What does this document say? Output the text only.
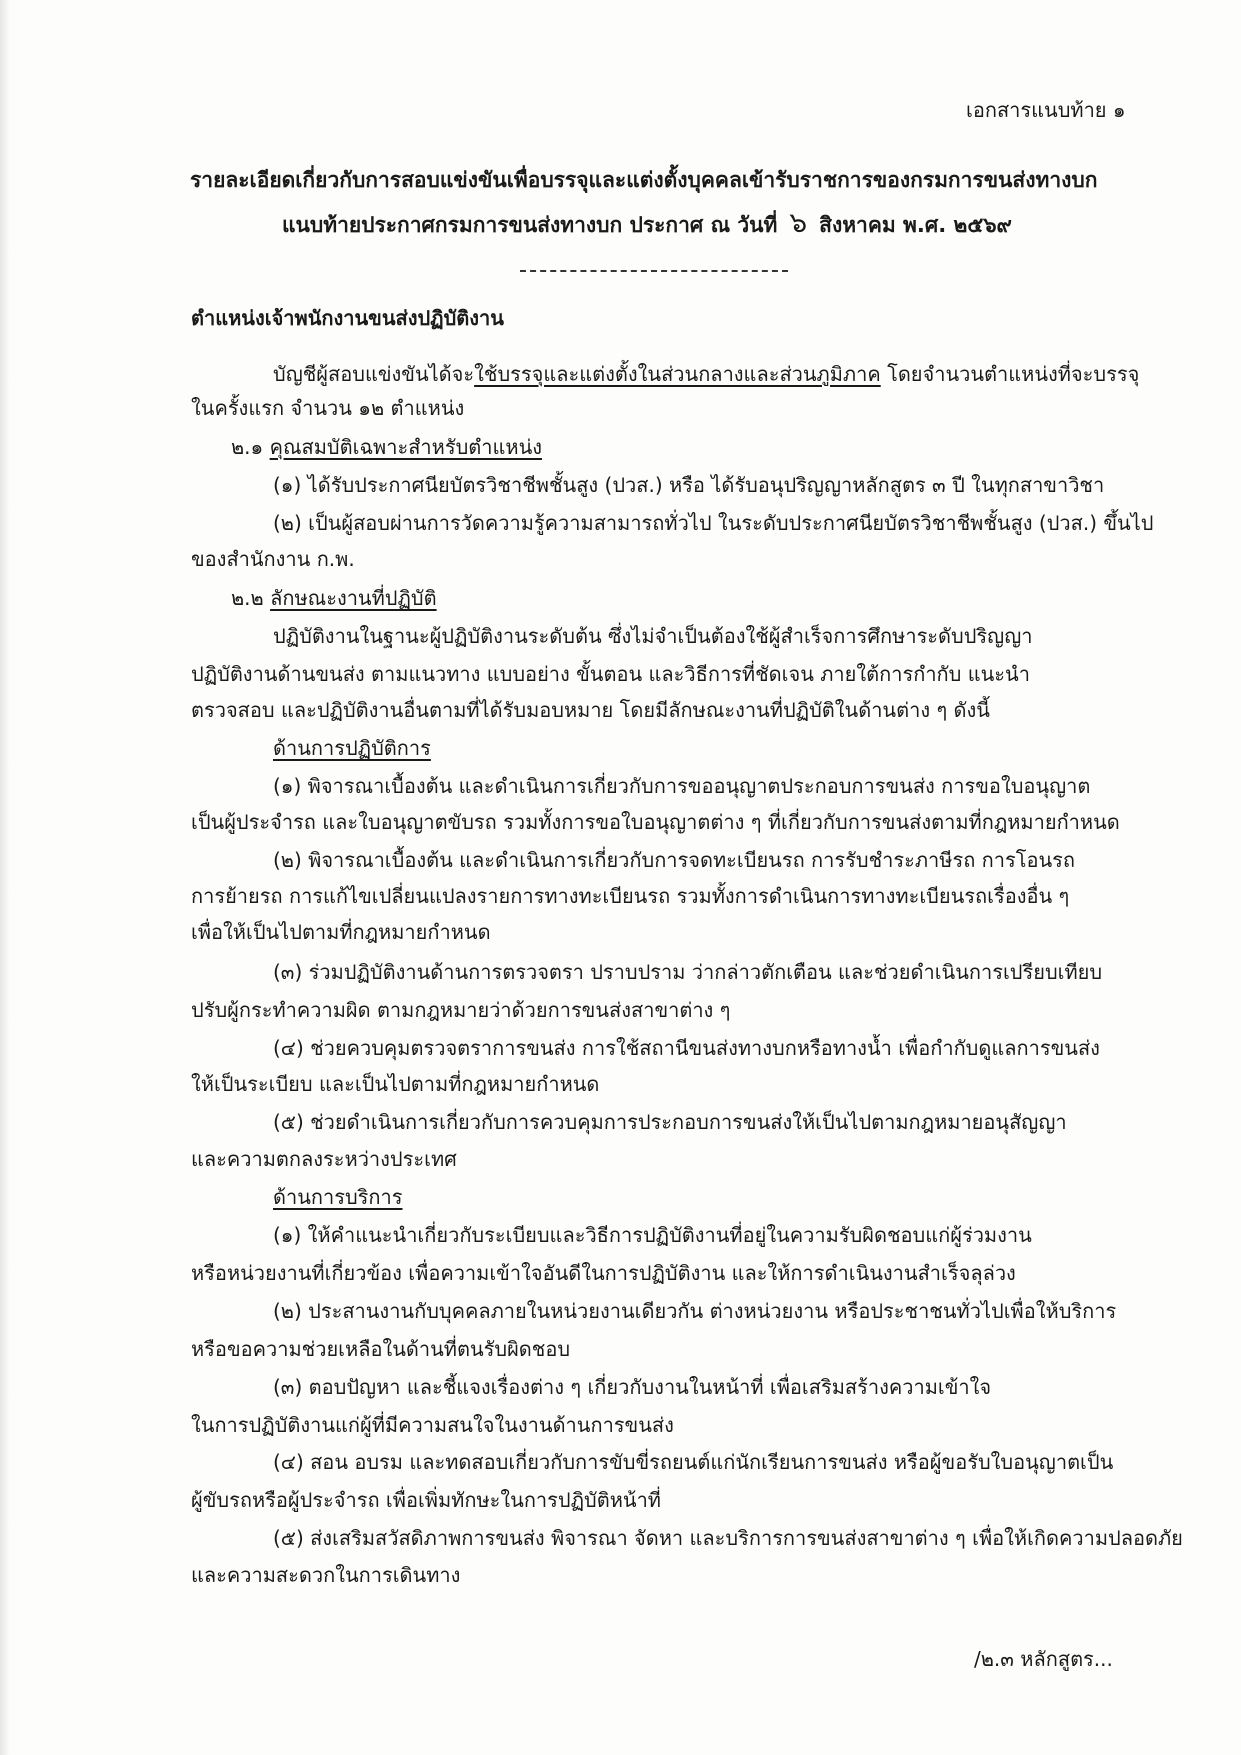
เอกสารแนบท้าย ๑
รายละเอียดเกี่ยวกับการสอบแข่งขันเพื่อบรรจุและแต่งตั้งบุคคลเข้ารับราชการของกรมการขนส่งทางบก
แนบท้ายประกาศกรมการขนส่งทางบก ประกาศ ณ วันที่ ๖ สิงหาคม พ.ศ. ๒๕๖๙
ตำแหน่งเจ้าพนักงานขนส่งปฏิบัติงาน
บัญชีผู้สอบแข่งขันได้จะใช้บรรจุและแต่งตั้งในส่วนกลางและส่วนภูมิภาค โดยจำนวนตำแหน่งที่จะบรรจุ
ในครั้งแรก จำนวน ๑๒ ตำแหน่ง
๒.๑ คุณสมบัติเฉพาะสำหรับตำแหน่ง
(๑) ได้รับประกาศนียบัตรวิชาชีพชั้นสูง (ปวส.) หรือ ได้รับอนุปริญญาหลักสูตร ๓ ปี ในทุกสาขาวิชา
(๒) เป็นผู้สอบผ่านการวัดความรู้ความสามารถทั่วไป ในระดับประกาศนียบัตรวิชาชีพชั้นสูง (ปวส.) ขึ้นไป
ของสำนักงาน ก.พ.
๒.๒ ลักษณะงานที่ปฏิบัติ
ปฏิบัติงานในฐานะผู้ปฏิบัติงานระดับต้น ซึ่งไม่จำเป็นต้องใช้ผู้สำเร็จการศึกษาระดับปริญญา
ปฏิบัติงานด้านขนส่ง ตามแนวทาง แบบอย่าง ขั้นตอน และวิธีการที่ชัดเจน ภายใต้การกำกับ แนะนำ
ตรวจสอบ และปฏิบัติงานอื่นตามที่ได้รับมอบหมาย โดยมีลักษณะงานที่ปฏิบัติในด้านต่าง ๆ ดังนี้
ด้านการปฏิบัติการ
(๑) พิจารณาเบื้องต้น และดำเนินการเกี่ยวกับการขออนุญาตประกอบการขนส่ง การขอใบอนุญาต
เป็นผู้ประจำรถ และใบอนุญาตขับรถ รวมทั้งการขอใบอนุญาตต่าง ๆ ที่เกี่ยวกับการขนส่งตามที่กฎหมายกำหนด
(๒) พิจารณาเบื้องต้น และดำเนินการเกี่ยวกับการจดทะเบียนรถ การรับชำระภาษีรถ การโอนรถ
การย้ายรถ การแก้ไขเปลี่ยนแปลงรายการทางทะเบียนรถ รวมทั้งการดำเนินการทางทะเบียนรถเรื่องอื่น ๆ
เพื่อให้เป็นไปตามที่กฎหมายกำหนด
(๓) ร่วมปฏิบัติงานด้านการตรวจตรา ปราบปราม ว่ากล่าวตักเตือน และช่วยดำเนินการเปรียบเทียบ
ปรับผู้กระทำความผิด ตามกฎหมายว่าด้วยการขนส่งสาขาต่าง ๆ
(๔) ช่วยควบคุมตรวจตราการขนส่ง การใช้สถานีขนส่งทางบกหรือทางน้ำ เพื่อกำกับดูแลการขนส่ง
ให้เป็นระเบียบ และเป็นไปตามที่กฎหมายกำหนด
(๕) ช่วยดำเนินการเกี่ยวกับการควบคุมการประกอบการขนส่งให้เป็นไปตามกฎหมายอนุสัญญา
และความตกลงระหว่างประเทศ
ด้านการบริการ
(๑) ให้คำแนะนำเกี่ยวกับระเบียบและวิธีการปฏิบัติงานที่อยู่ในความรับผิดชอบแก่ผู้ร่วมงาน
หรือหน่วยงานที่เกี่ยวข้อง เพื่อความเข้าใจอันดีในการปฏิบัติงาน และให้การดำเนินงานสำเร็จลุล่วง
(๒) ประสานงานกับบุคคลภายในหน่วยงานเดียวกัน ต่างหน่วยงาน หรือประชาชนทั่วไปเพื่อให้บริการ
หรือขอความช่วยเหลือในด้านที่ตนรับผิดชอบ
(๓) ตอบปัญหา และชี้แจงเรื่องต่าง ๆ เกี่ยวกับงานในหน้าที่ เพื่อเสริมสร้างความเข้าใจ
ในการปฏิบัติงานแก่ผู้ที่มีความสนใจในงานด้านการขนส่ง
(๔) สอน อบรม และทดสอบเกี่ยวกับการขับขี่รถยนต์แก่นักเรียนการขนส่ง หรือผู้ขอรับใบอนุญาตเป็น
ผู้ขับรถหรือผู้ประจำรถ เพื่อเพิ่มทักษะในการปฏิบัติหน้าที่
(๕) ส่งเสริมสวัสดิภาพการขนส่ง พิจารณา จัดหา และบริการการขนส่งสาขาต่าง ๆ เพื่อให้เกิดความปลอดภัย
และความสะดวกในการเดินทาง
/๒.๓ หลักสูตร...
